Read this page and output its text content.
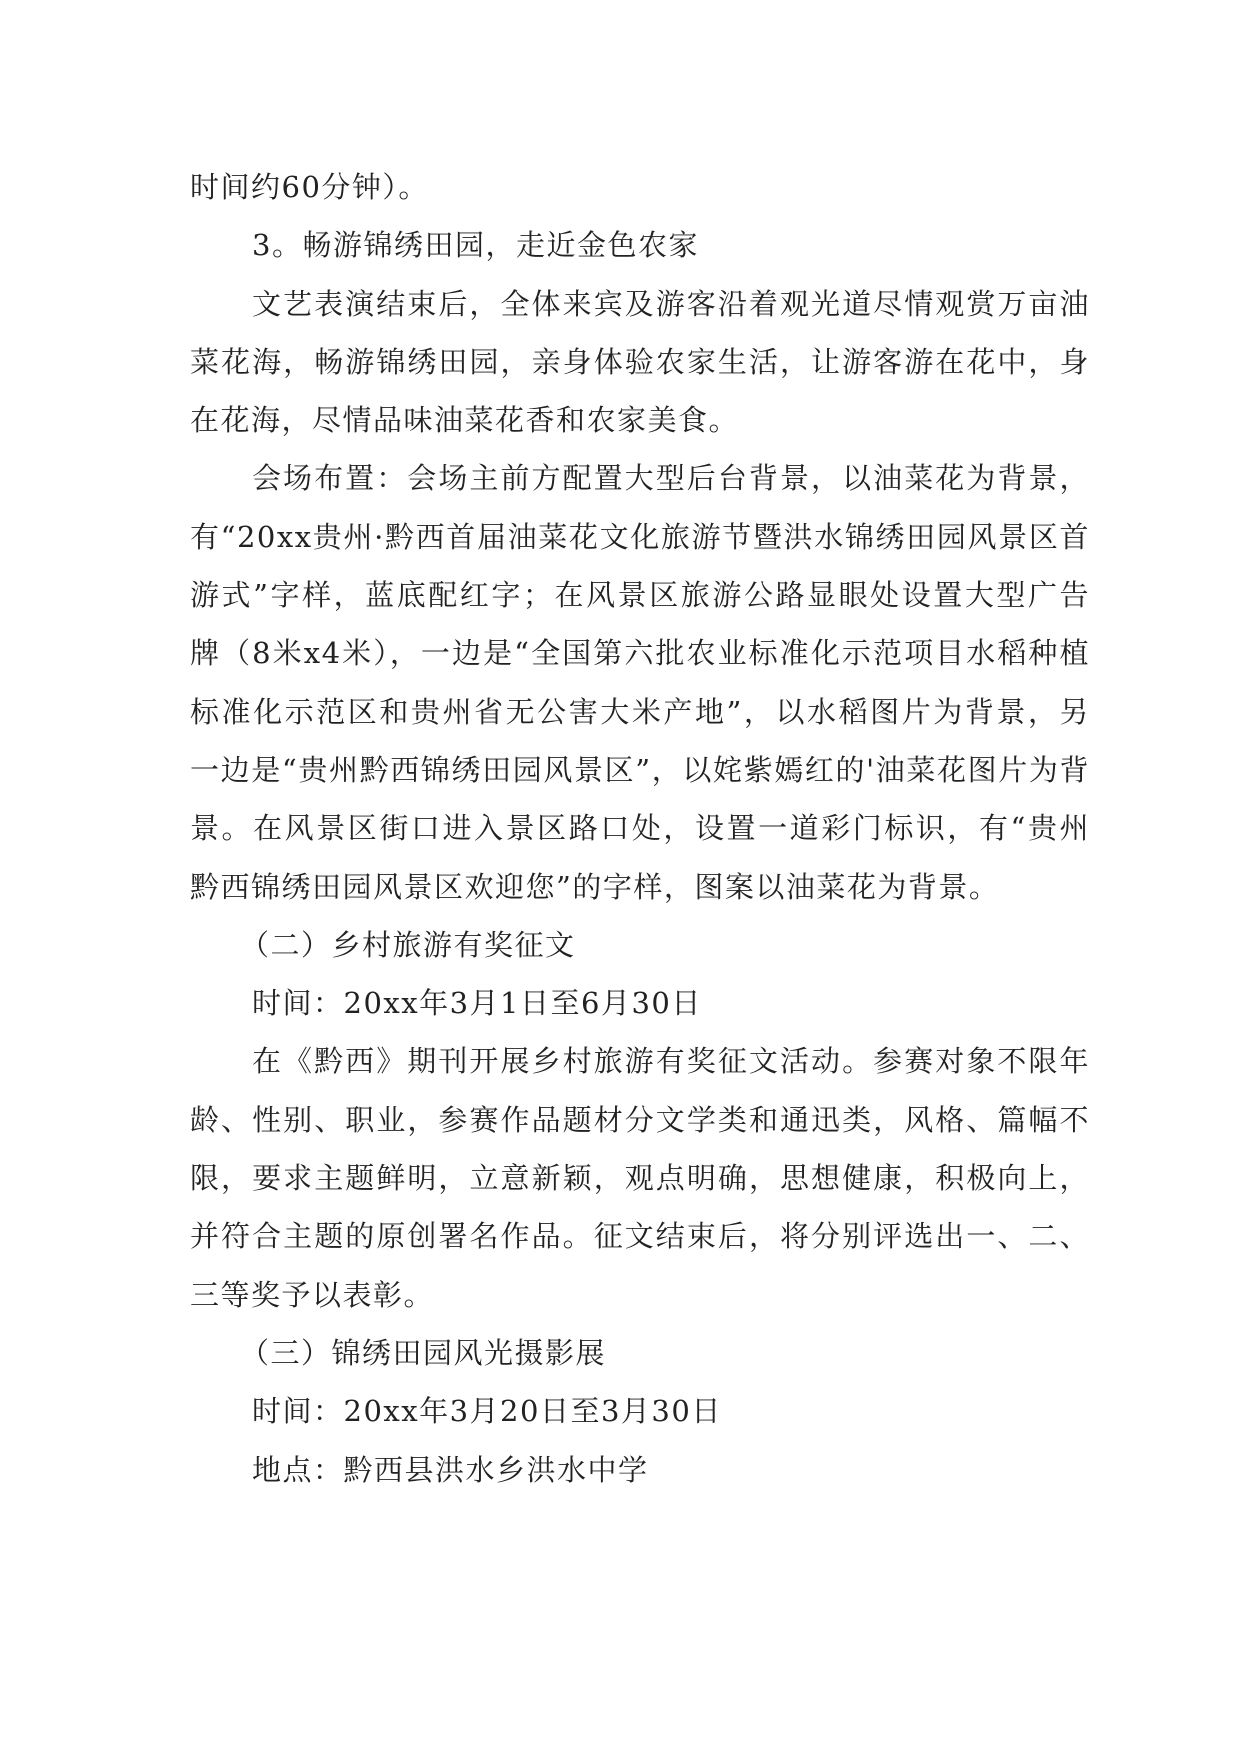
时间约60分钟）。

3。畅游锦绣田园，走近金色农家

文艺表演结束后，全体来宾及游客沿着观光道尽情观赏万亩油菜花海，畅游锦绣田园，亲身体验农家生活，让游客游在花中，身在花海，尽情品味油菜花香和农家美食。

会场布置：会场主前方配置大型后台背景，以油菜花为背景，有“20xx贵州·黔西首届油菜花文化旅游节暨洪水锦绣田园风景区首游式”字样，蓝底配红字；在风景区旅游公路显眼处设置大型广告牌（8米x4米），一边是“全国第六批农业标准化示范项目水稻种植标准化示范区和贵州省无公害大米产地”，以水稻图片为背景，另一边是“贵州黔西锦绣田园风景区”，以姹紫嫣红的'油菜花图片为背景。在风景区街口进入景区路口处，设置一道彩门标识，有“贵州黔西锦绣田园风景区欢迎您”的字样，图案以油菜花为背景。

（二）乡村旅游有奖征文

时间：20xx年3月1日至6月30日

在《黔西》期刊开展乡村旅游有奖征文活动。参赛对象不限年龄、性别、职业，参赛作品题材分文学类和通迅类，风格、篇幅不限，要求主题鲜明，立意新颖，观点明确，思想健康，积极向上，并符合主题的原创署名作品。征文结束后，将分别评选出一、二、三等奖予以表彰。

（三）锦绣田园风光摄影展

时间：20xx年3月20日至3月30日

地点：黔西县洪水乡洪水中学
